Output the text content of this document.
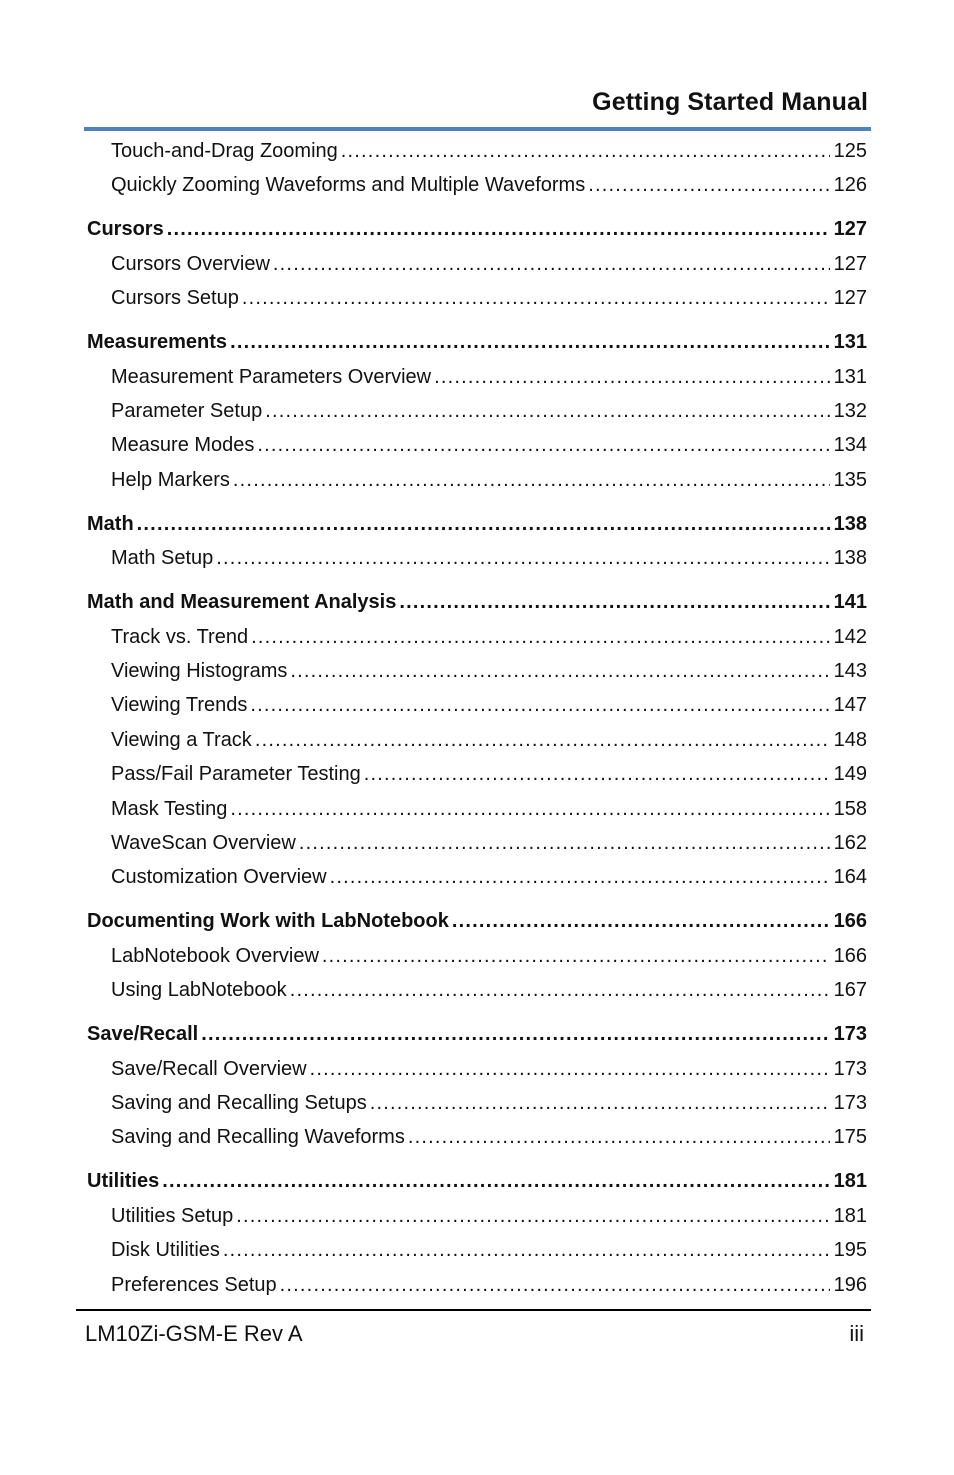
Getting Started Manual
Touch-and-Drag Zooming .....	125
Quickly Zooming Waveforms and Multiple Waveforms .....	126
Cursors .....	127
Cursors Overview .....	127
Cursors Setup .....	127
Measurements .....	131
Measurement Parameters Overview .....	131
Parameter Setup .....	132
Measure Modes .....	134
Help Markers .....	135
Math .....	138
Math Setup .....	138
Math and Measurement Analysis .....	141
Track vs. Trend .....	142
Viewing Histograms .....	143
Viewing Trends .....	147
Viewing a Track .....	148
Pass/Fail Parameter Testing .....	149
Mask Testing .....	158
WaveScan Overview .....	162
Customization Overview .....	164
Documenting Work with LabNotebook .....	166
LabNotebook Overview .....	166
Using LabNotebook .....	167
Save/Recall .....	173
Save/Recall Overview .....	173
Saving and Recalling Setups .....	173
Saving and Recalling Waveforms .....	175
Utilities .....	181
Utilities Setup .....	181
Disk Utilities .....	195
Preferences Setup .....	196
LM10Zi-GSM-E Rev A	iii
